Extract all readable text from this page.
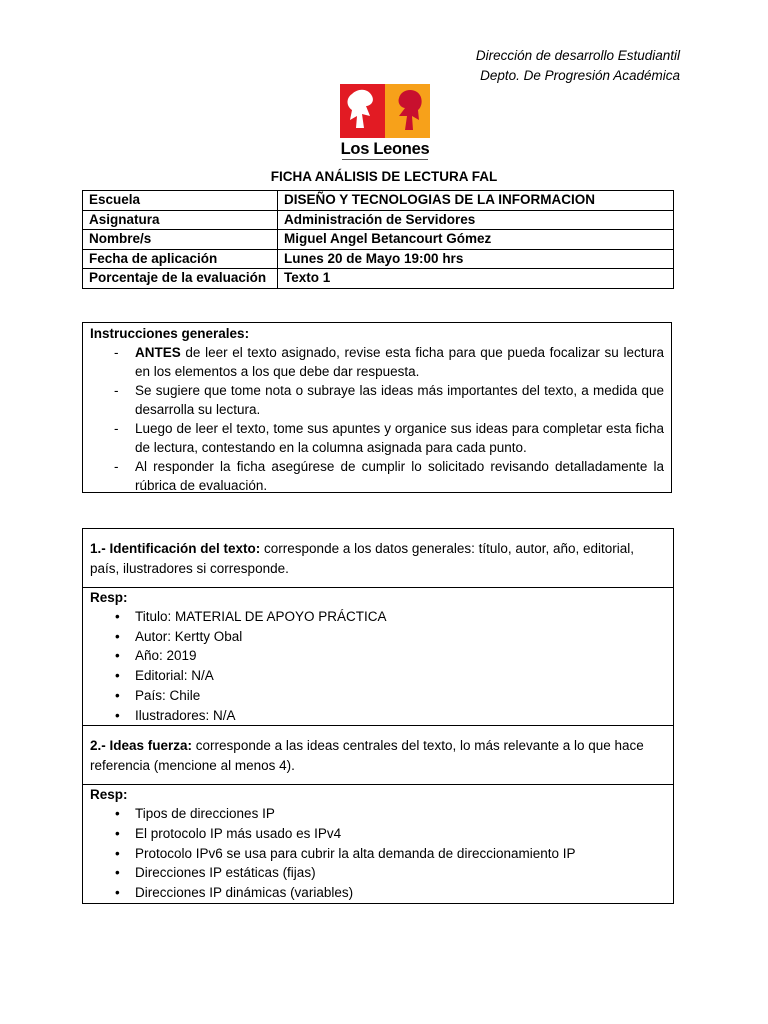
Dirección de desarrollo Estudiantil
Depto. De Progresión Académica
Los Leones
FICHA ANÁLISIS DE LECTURA FAL
Escuela	DISEÑO Y TECNOLOGIAS DE LA INFORMACION
Asignatura	Administración de Servidores
Nombre/s	Miguel Angel Betancourt Gómez
Fecha de aplicación	Lunes 20 de Mayo 19:00 hrs
Porcentaje de la evaluación	Texto 1
Instrucciones generales:
- ANTES de leer el texto asignado, revise esta ficha para que pueda focalizar su lectura en los elementos a los que debe dar respuesta.
- Se sugiere que tome nota o subraye las ideas más importantes del texto, a medida que desarrolla su lectura.
- Luego de leer el texto, tome sus apuntes y organice sus ideas para completar esta ficha de lectura, contestando en la columna asignada para cada punto.
- Al responder la ficha asegúrese de cumplir lo solicitado revisando detalladamente la rúbrica de evaluación.
1.- Identificación del texto: corresponde a los datos generales: título, autor, año, editorial, país, ilustradores si corresponde.
Resp:
• Titulo: MATERIAL DE APOYO PRÁCTICA
• Autor: Kertty Obal
• Año: 2019
• Editorial: N/A
• País: Chile
• Ilustradores: N/A
2.- Ideas fuerza: corresponde a las ideas centrales del texto, lo más relevante a lo que hace referencia (mencione al menos 4).
Resp:
• Tipos de direcciones IP
• El protocolo IP más usado es IPv4
• Protocolo IPv6 se usa para cubrir la alta demanda de direccionamiento IP
• Direcciones IP estáticas (fijas)
• Direcciones IP dinámicas (variables)
